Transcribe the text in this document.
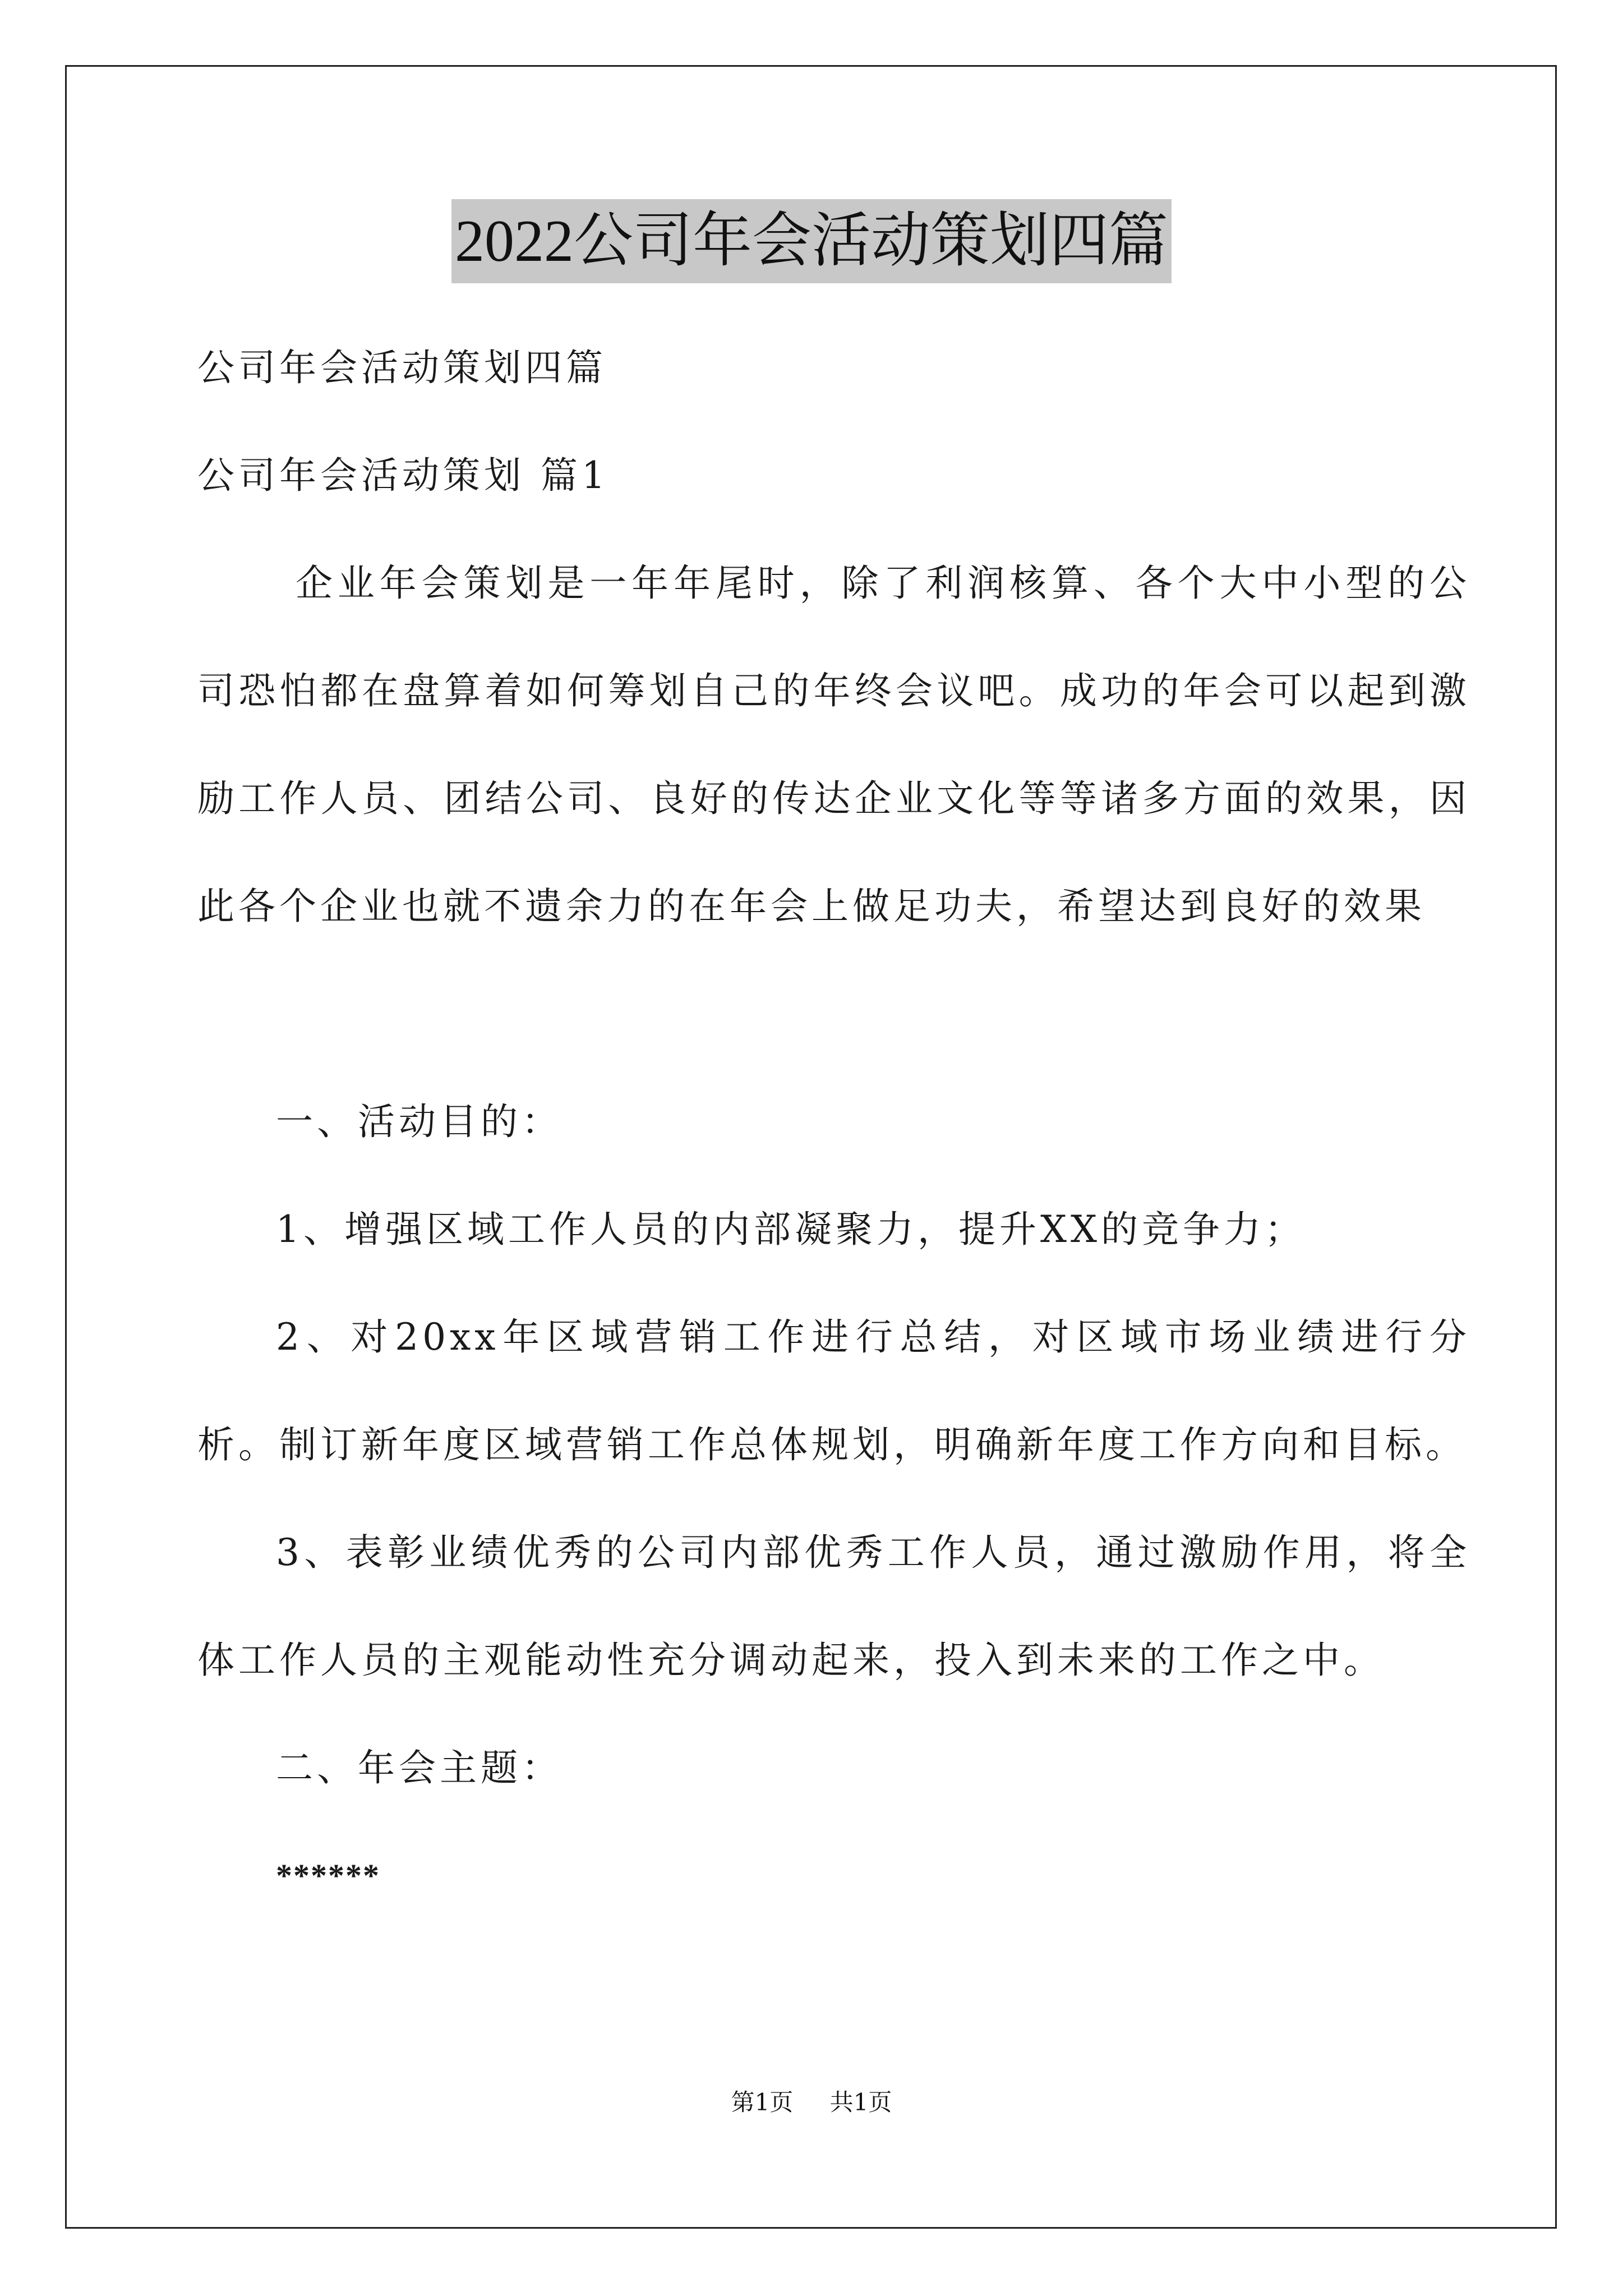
2022公司年会活动策划四篇

公司年会活动策划四篇

公司年会活动策划 篇1

企业年会策划是一年年尾时，除了利润核算、各个大中小型的公司恐怕都在盘算着如何筹划自己的年终会议吧。成功的年会可以起到激励工作人员、团结公司、良好的传达企业文化等等诸多方面的效果，因此各个企业也就不遗余力的在年会上做足功夫，希望达到良好的效果

一、活动目的：

1、增强区域工作人员的内部凝聚力，提升XX的竞争力；

2、对20xx年区域营销工作进行总结，对区域市场业绩进行分析。制订新年度区域营销工作总体规划，明确新年度工作方向和目标。

3、表彰业绩优秀的公司内部优秀工作人员，通过激励作用，将全体工作人员的主观能动性充分调动起来，投入到未来的工作之中。

二、年会主题：

******

第1页 共1页
